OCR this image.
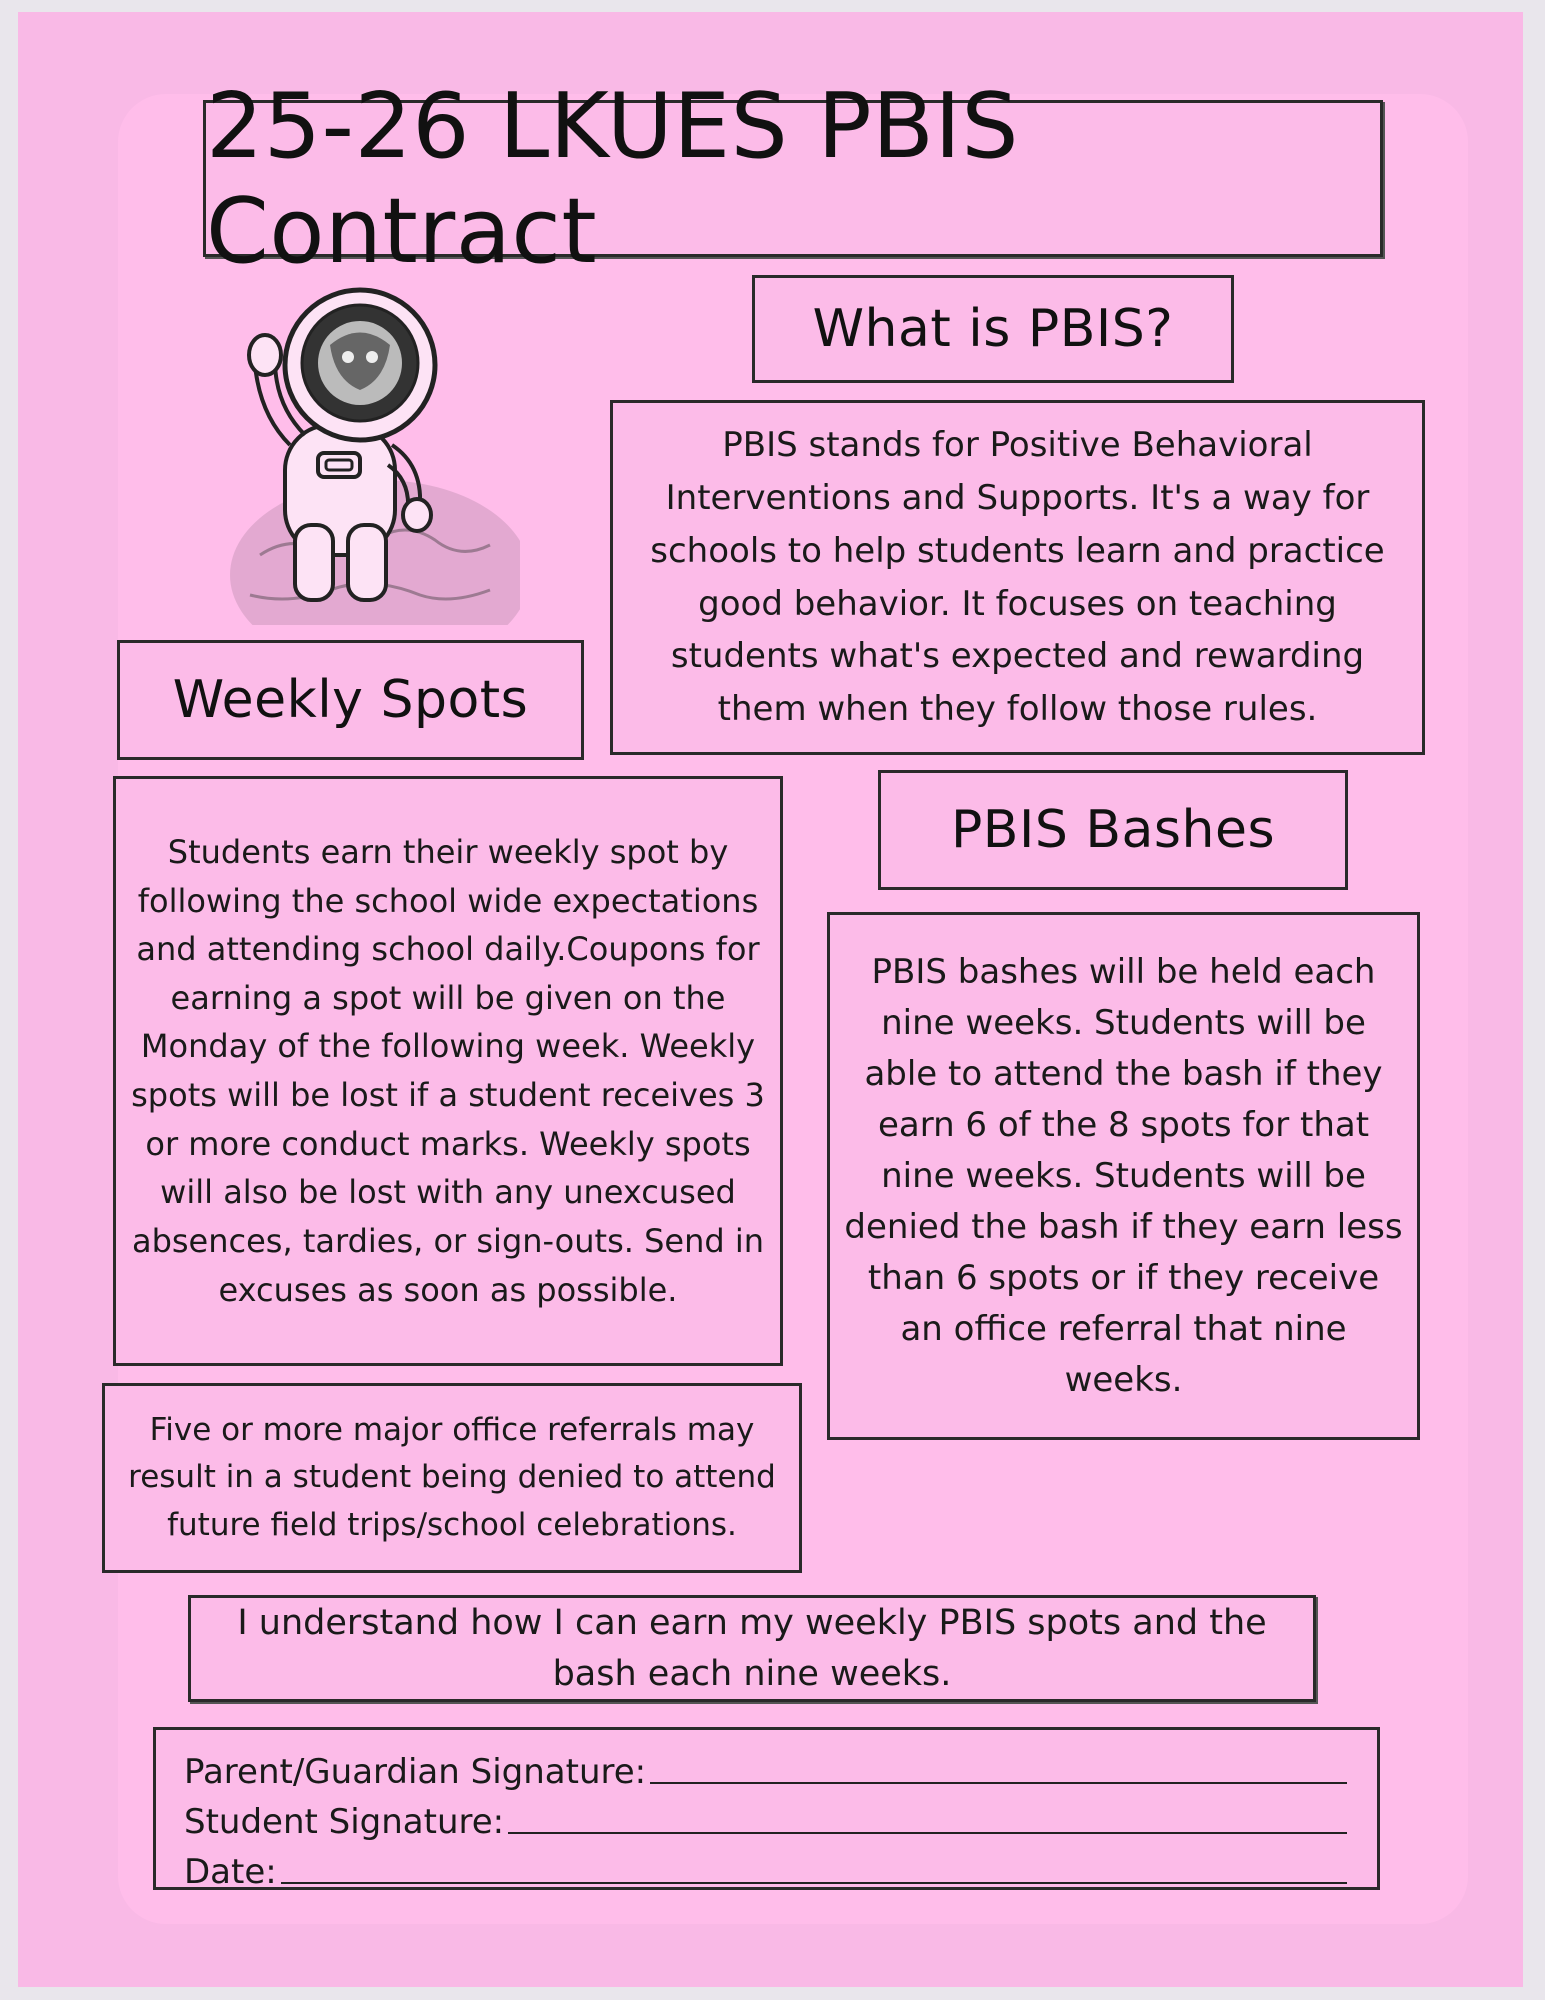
25-26 LKUES PBIS Contract
What is PBIS?
PBIS stands for Positive Behavioral Interventions and Supports. It's a way for schools to help students learn and practice good behavior. It focuses on teaching students what's expected and rewarding them when they follow those rules.
Weekly Spots
Students earn their weekly spot by following the school wide expectations and attending school daily.Coupons for earning a spot will be given on the Monday of the following week. Weekly spots will be lost if a student receives 3 or more conduct marks. Weekly spots will also be lost with any unexcused absences, tardies, or sign-outs. Send in excuses as soon as possible.
PBIS Bashes
PBIS bashes will be held each nine weeks. Students will be able to attend the bash if they earn 6 of the 8 spots for that nine weeks. Students will be denied the bash if they earn less than 6 spots or if they receive an office referral that nine weeks.
Five or more major office referrals may result in a student being denied to attend future field trips/school celebrations.
I understand how I can earn my weekly PBIS spots and the bash each nine weeks.
Parent/Guardian Signature:
Student Signature:
Date:
